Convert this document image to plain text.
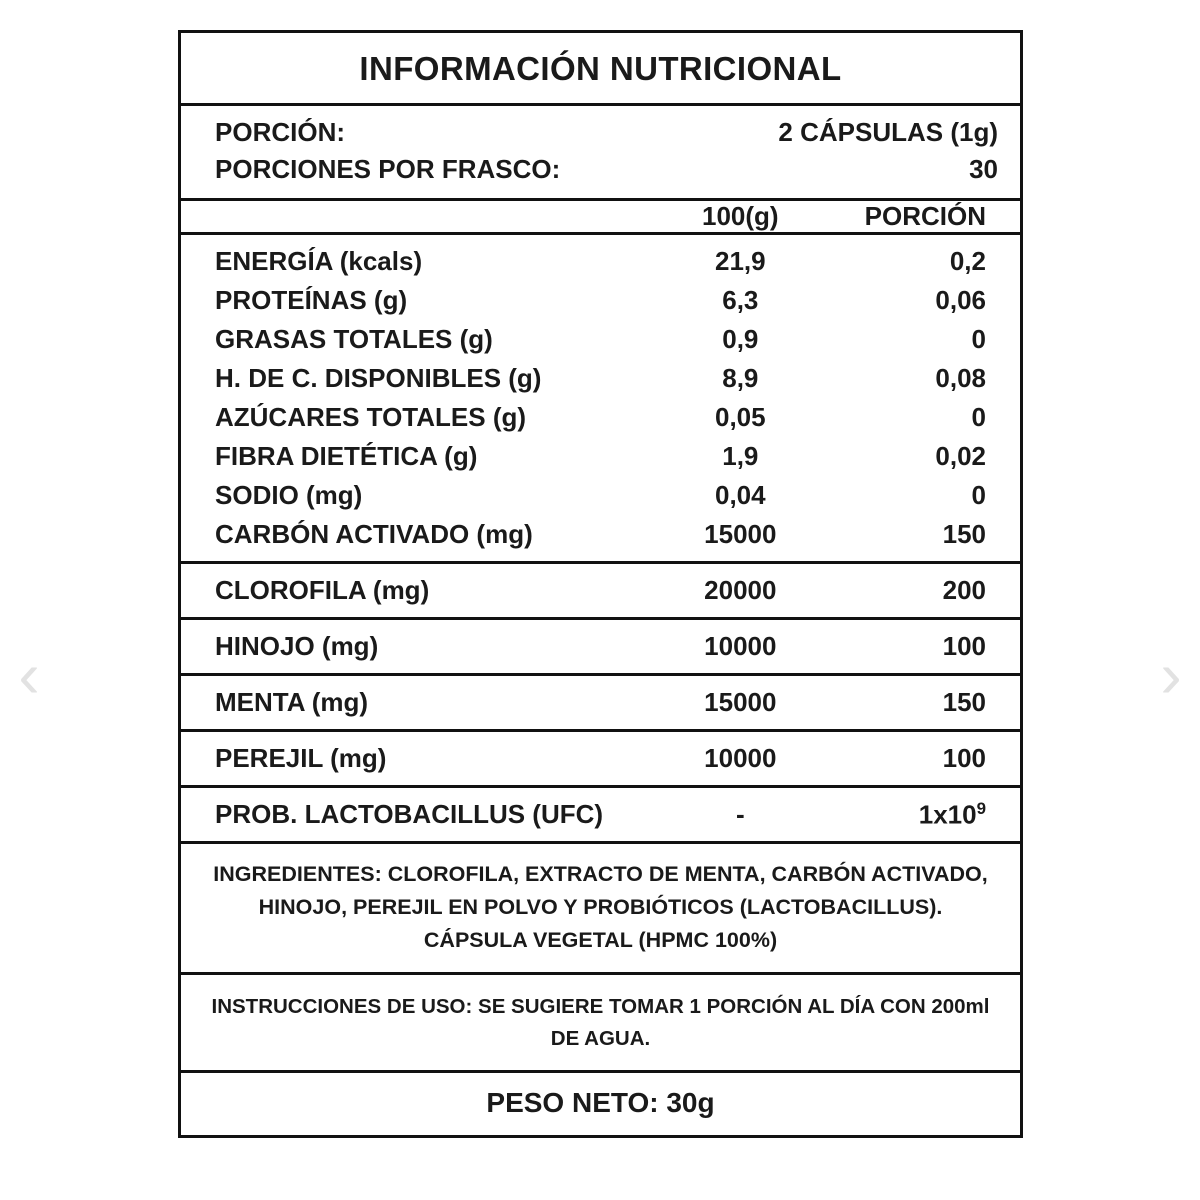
‹	›
INFORMACIÓN NUTRICIONAL
PORCIÓN:	2 CÁPSULAS (1g)
PORCIONES POR FRASCO:	30
	100(g)	PORCIÓN
ENERGÍA (kcals)	21,9	0,2
PROTEÍNAS (g)	6,3	0,06
GRASAS TOTALES (g)	0,9	0
H. DE C. DISPONIBLES (g)	8,9	0,08
AZÚCARES TOTALES (g)	0,05	0
FIBRA DIETÉTICA (g)	1,9	0,02
SODIO (mg)	0,04	0
CARBÓN ACTIVADO (mg)	15000	150
CLOROFILA (mg)	20000	200
HINOJO (mg)	10000	100
MENTA (mg)	15000	150
PEREJIL (mg)	10000	100
PROB. LACTOBACILLUS (UFC)	-	$1x10^9$
INGREDIENTES: CLOROFILA, EXTRACTO DE MENTA, CARBÓN ACTIVADO, HINOJO, PEREJIL EN POLVO Y PROBIÓTICOS (LACTOBACILLUS). CÁPSULA VEGETAL (HPMC 100%)
INSTRUCCIONES DE USO: SE SUGIERE TOMAR 1 PORCIÓN AL DÍA CON 200ml DE AGUA.
PESO NETO: 30g
